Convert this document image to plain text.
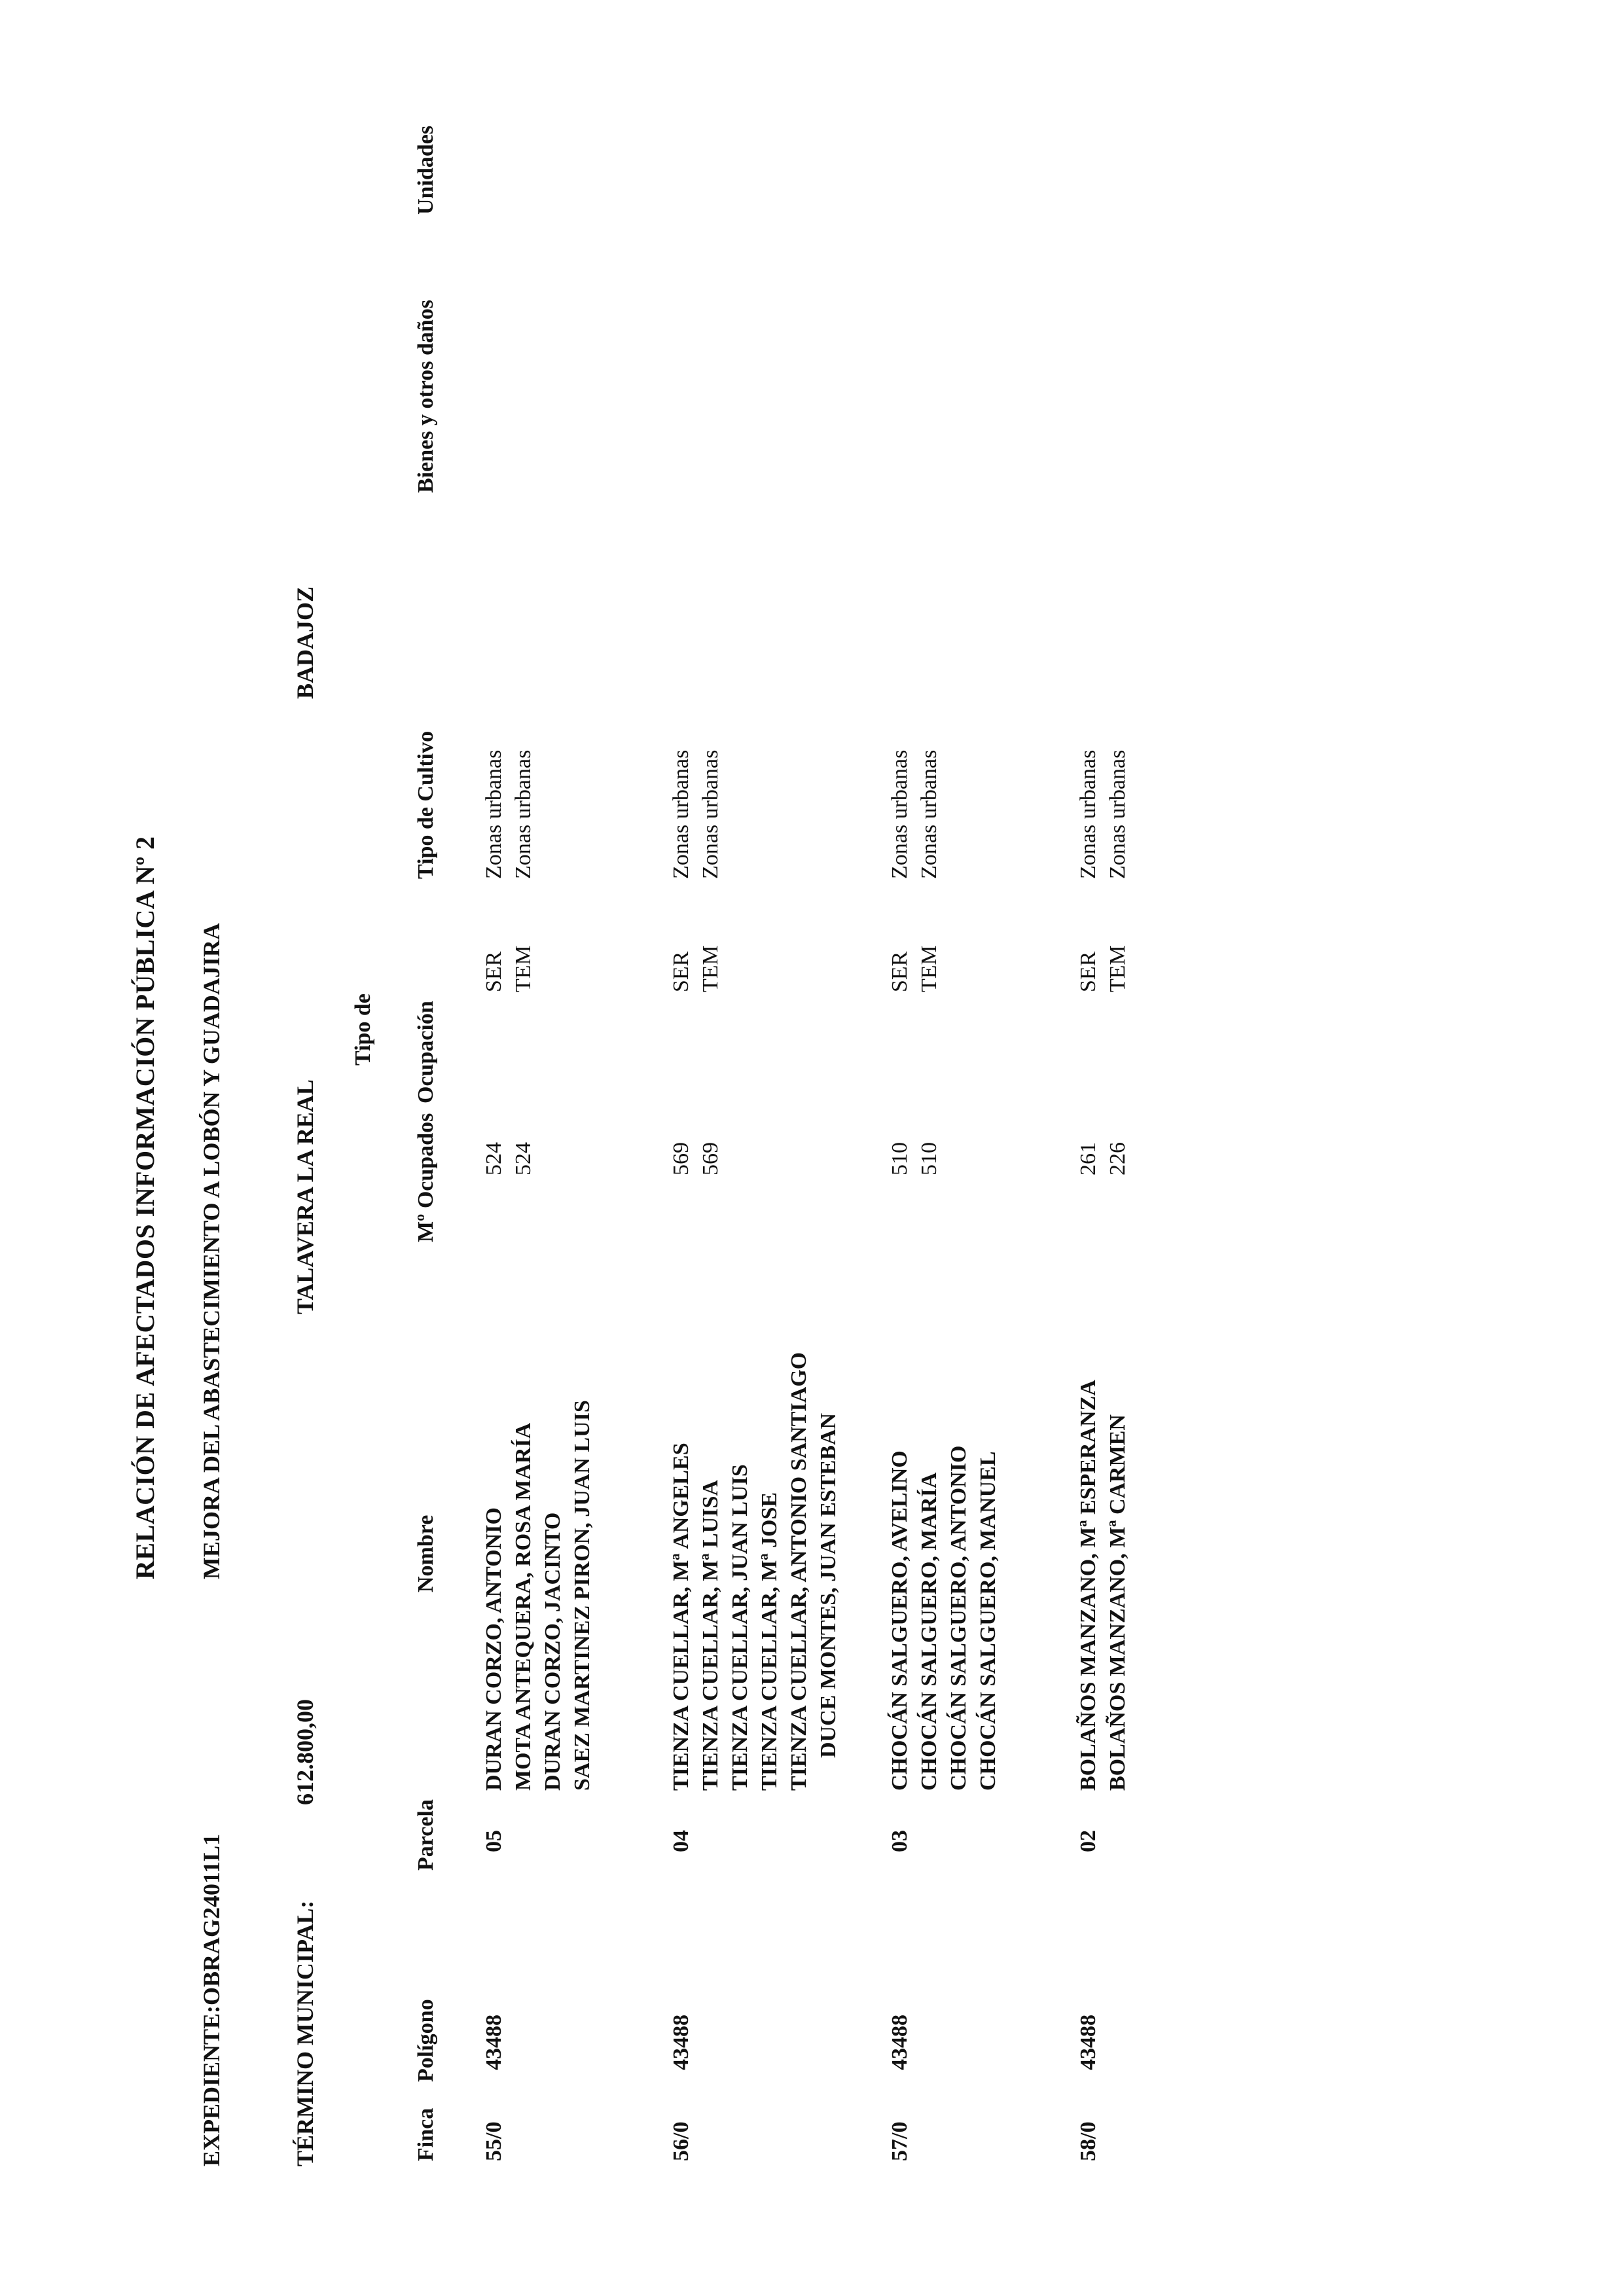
RELACIÓN DE AFECTADOS INFORMACIÓN PÚBLICA Nº 2
EXPEDIENTE:OBRAG24011L1
MEJORA DEL ABASTECIMIENTO A LOBÓN Y GUADAJIRA
TÉRMINO MUNICIPAL:
612.800,00
TALAVERA LA REAL
BADAJOZ
Finca
Polígono
Parcela
Nombre
Mº Ocupados
Tipo de Ocupación
Tipo de Cultivo
Bienes y otros daños
Unidades
55/0
43488
05
DURAN CORZO, ANTONIO MOTA ANTEQUERA, ROSA MARÍA DURAN CORZO, JACINTO SAEZ MARTINEZ PIRON, JUAN LUIS
524 524
SER TEM
Zonas urbanas Zonas urbanas
56/0
43488
04
TIENZA CUELLAR, Mª ANGELES TIENZA CUELLAR, Mª LUISA TIENZA CUELLAR, JUAN LUIS TIENZA CUELLAR, Mª JOSE TIENZA CUELLAR, ANTONIO SANTIAGO DUCE MONTES, JUAN ESTEBAN
569 569
SER TEM
Zonas urbanas Zonas urbanas
57/0
43488
03
CHOCÁN SALGUERO, AVELINO CHOCÁN SALGUERO, MARÍA CHOCÁN SALGUERO, ANTONIO CHOCÁN SALGUERO, MANUEL
510 510
SER TEM
Zonas urbanas Zonas urbanas
58/0
43488
02
BOLAÑOS MANZANO, Mª ESPERANZA BOLAÑOS MANZANO, Mª CARMEN
261 226
SER TEM
Zonas urbanas Zonas urbanas
